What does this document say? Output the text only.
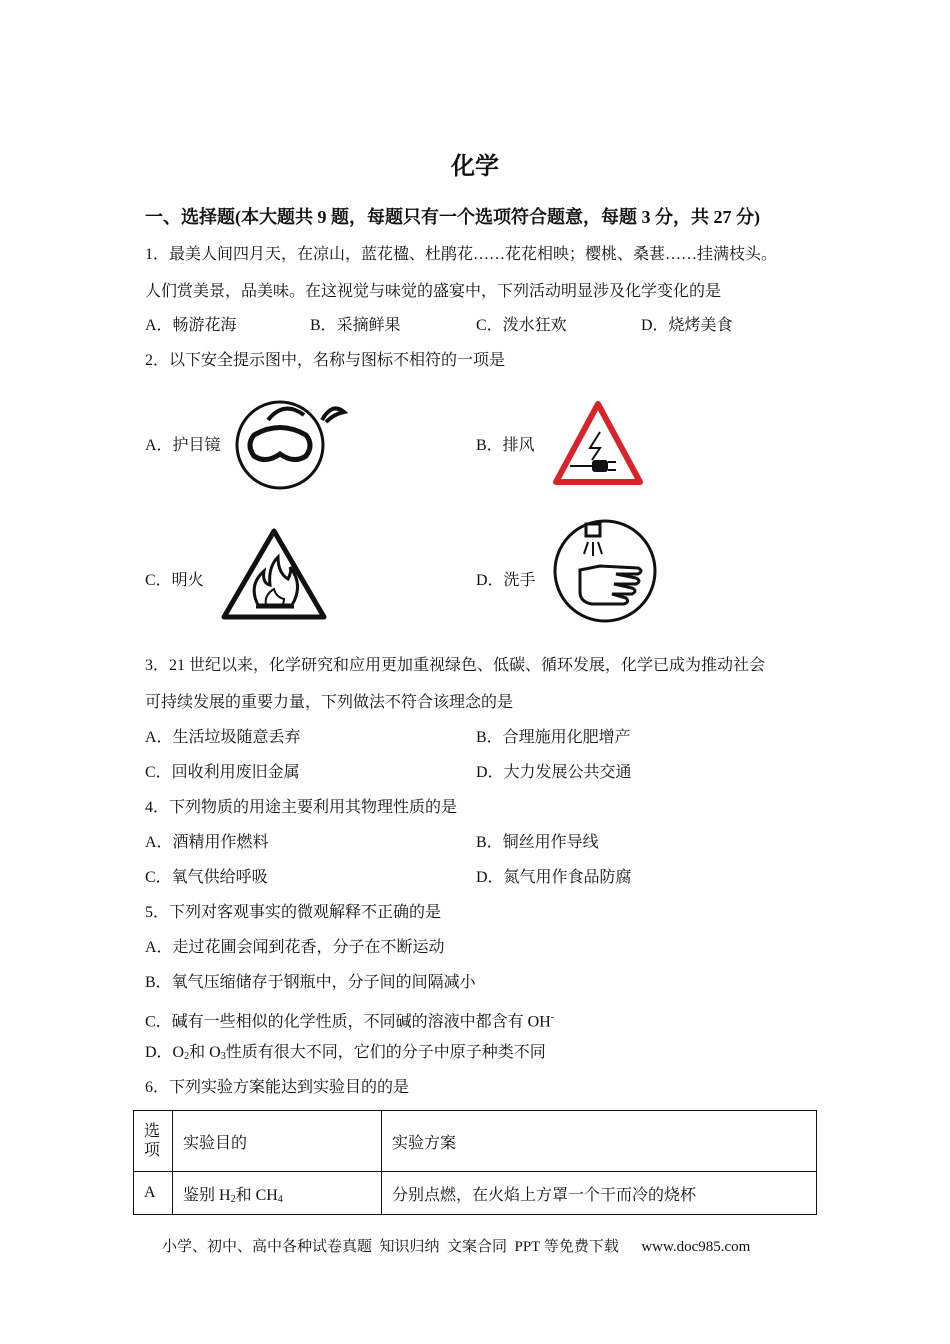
化学
一、选择题(本大题共 9 题，每题只有一个选项符合题意，每题 3 分，共 27 分)
1．最美人间四月天，在凉山，蓝花楹、杜鹃花……花花相映；樱桃、桑葚……挂满枝头。
人们赏美景，品美味。在这视觉与味觉的盛宴中，下列活动明显涉及化学变化的是
A．畅游花海	B．采摘鲜果	C．泼水狂欢	D．烧烤美食
2．以下安全提示图中，名称与图标不相符的一项是
A．护目镜	B．排风
C．明火	D．洗手
3．21 世纪以来，化学研究和应用更加重视绿色、低碳、循环发展，化学已成为推动社会
可持续发展的重要力量，下列做法不符合该理念的是
A．生活垃圾随意丢弃	B．合理施用化肥增产
C．回收利用废旧金属	D．大力发展公共交通
4．下列物质的用途主要利用其物理性质的是
A．酒精用作燃料	B．铜丝用作导线
C．氧气供给呼吸	D．氮气用作食品防腐
5．下列对客观事实的微观解释不正确的是
A．走过花圃会闻到花香，分子在不断运动
B．氧气压缩储存于钢瓶中，分子间的间隔减小
C．碱有一些相似的化学性质，不同碱的溶液中都含有 OH-
D．$O_2$和 $O_3$性质有很大不同，它们的分子中原子种类不同
6．下列实验方案能达到实验目的的是
选
项	实验目的	实验方案
A	鉴别 $H_2$和 $CH_4$	分别点燃，在火焰上方罩一个干而冷的烧杯
小学、初中、高中各种试卷真题  知识归纳  文案合同  PPT 等免费下载      www.doc985.com
